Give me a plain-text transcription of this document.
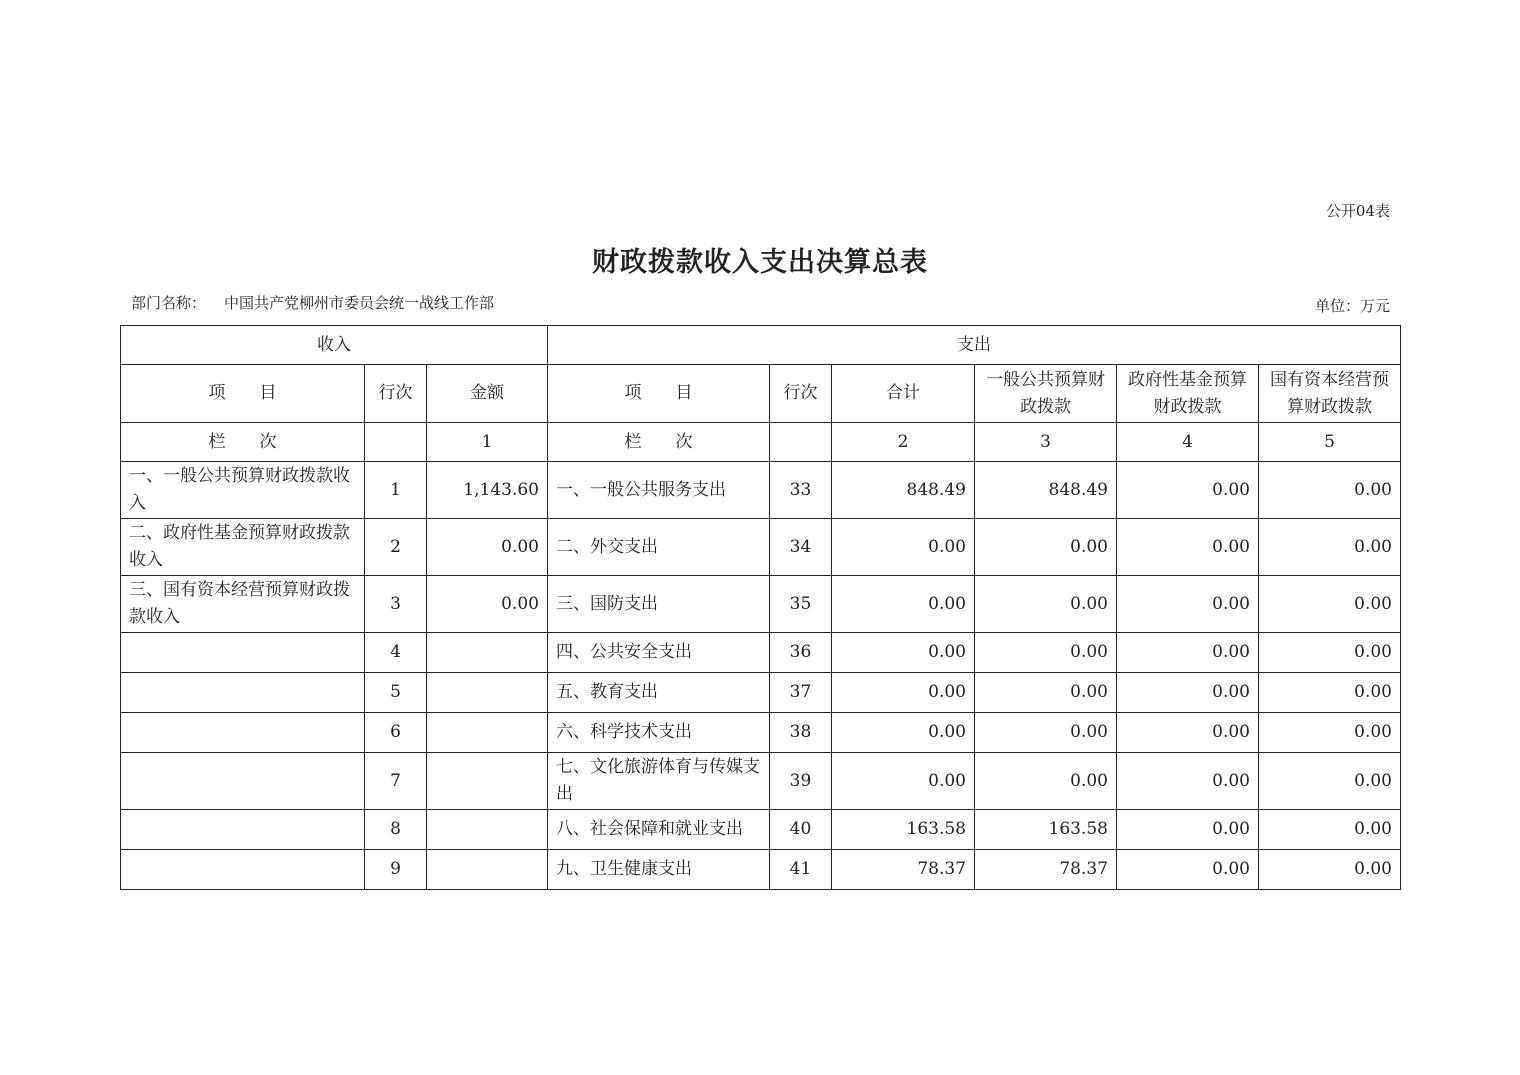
公开04表
财政拨款收入支出决算总表
部门名称： 中国共产党柳州市委员会统一战线工作部	单位：万元
收入			支出					
项　　目	行次	金额	项　　目	行次	合计	一般公共预算财政拨款	政府性基金预算财政拨款	国有资本经营预算财政拨款
栏　　次		1	栏　　次		2	3	4	5
一、一般公共预算财政拨款收入	1	1,143.60	一、一般公共服务支出	33	848.49	848.49	0.00	0.00
二、政府性基金预算财政拨款收入	2	0.00	二、外交支出	34	0.00	0.00	0.00	0.00
三、国有资本经营预算财政拨款收入	3	0.00	三、国防支出	35	0.00	0.00	0.00	0.00
	4		四、公共安全支出	36	0.00	0.00	0.00	0.00
	5		五、教育支出	37	0.00	0.00	0.00	0.00
	6		六、科学技术支出	38	0.00	0.00	0.00	0.00
	7		七、文化旅游体育与传媒支出	39	0.00	0.00	0.00	0.00
	8		八、社会保障和就业支出	40	163.58	163.58	0.00	0.00
	9		九、卫生健康支出	41	78.37	78.37	0.00	0.00
